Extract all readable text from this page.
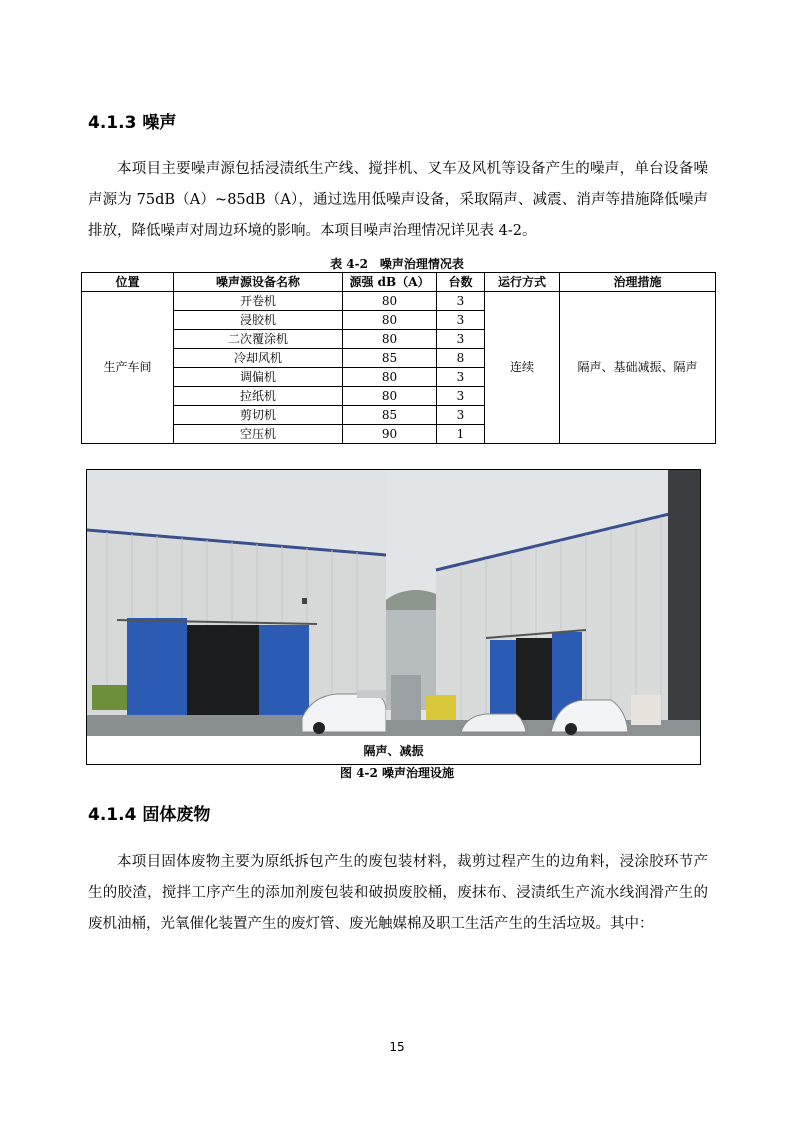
4.1.3 噪声

本项目主要噪声源包括浸渍纸生产线、搅拌机、叉车及风机等设备产生的噪声，单台设备噪声源为 75dB（A）~85dB（A），通过选用低噪声设备，采取隔声、减震、消声等措施降低噪声排放，降低噪声对周边环境的影响。本项目噪声治理情况详见表 4-2。

表 4-2　噪声治理情况表
位置	噪声源设备名称	源强 dB（A）	台数	运行方式	治理措施
生产车间	开卷机	80	3	连续	隔声、基础减振、隔声
	浸胶机	80	3		
	二次覆涂机	80	3		
	冷却风机	85	8		
	调偏机	80	3		
	拉纸机	80	3		
	剪切机	85	3		
	空压机	90	1		
隔声、减振
图 4-2 噪声治理设施
4.1.4 固体废物

本项目固体废物主要为原纸拆包产生的废包装材料，裁剪过程产生的边角料，浸涂胶环节产生的胶渣，搅拌工序产生的添加剂废包装和破损废胶桶，废抹布、浸渍纸生产流水线润滑产生的废机油桶，光氧催化装置产生的废灯管、废光触媒棉及职工生活产生的生活垃圾。其中：

15
